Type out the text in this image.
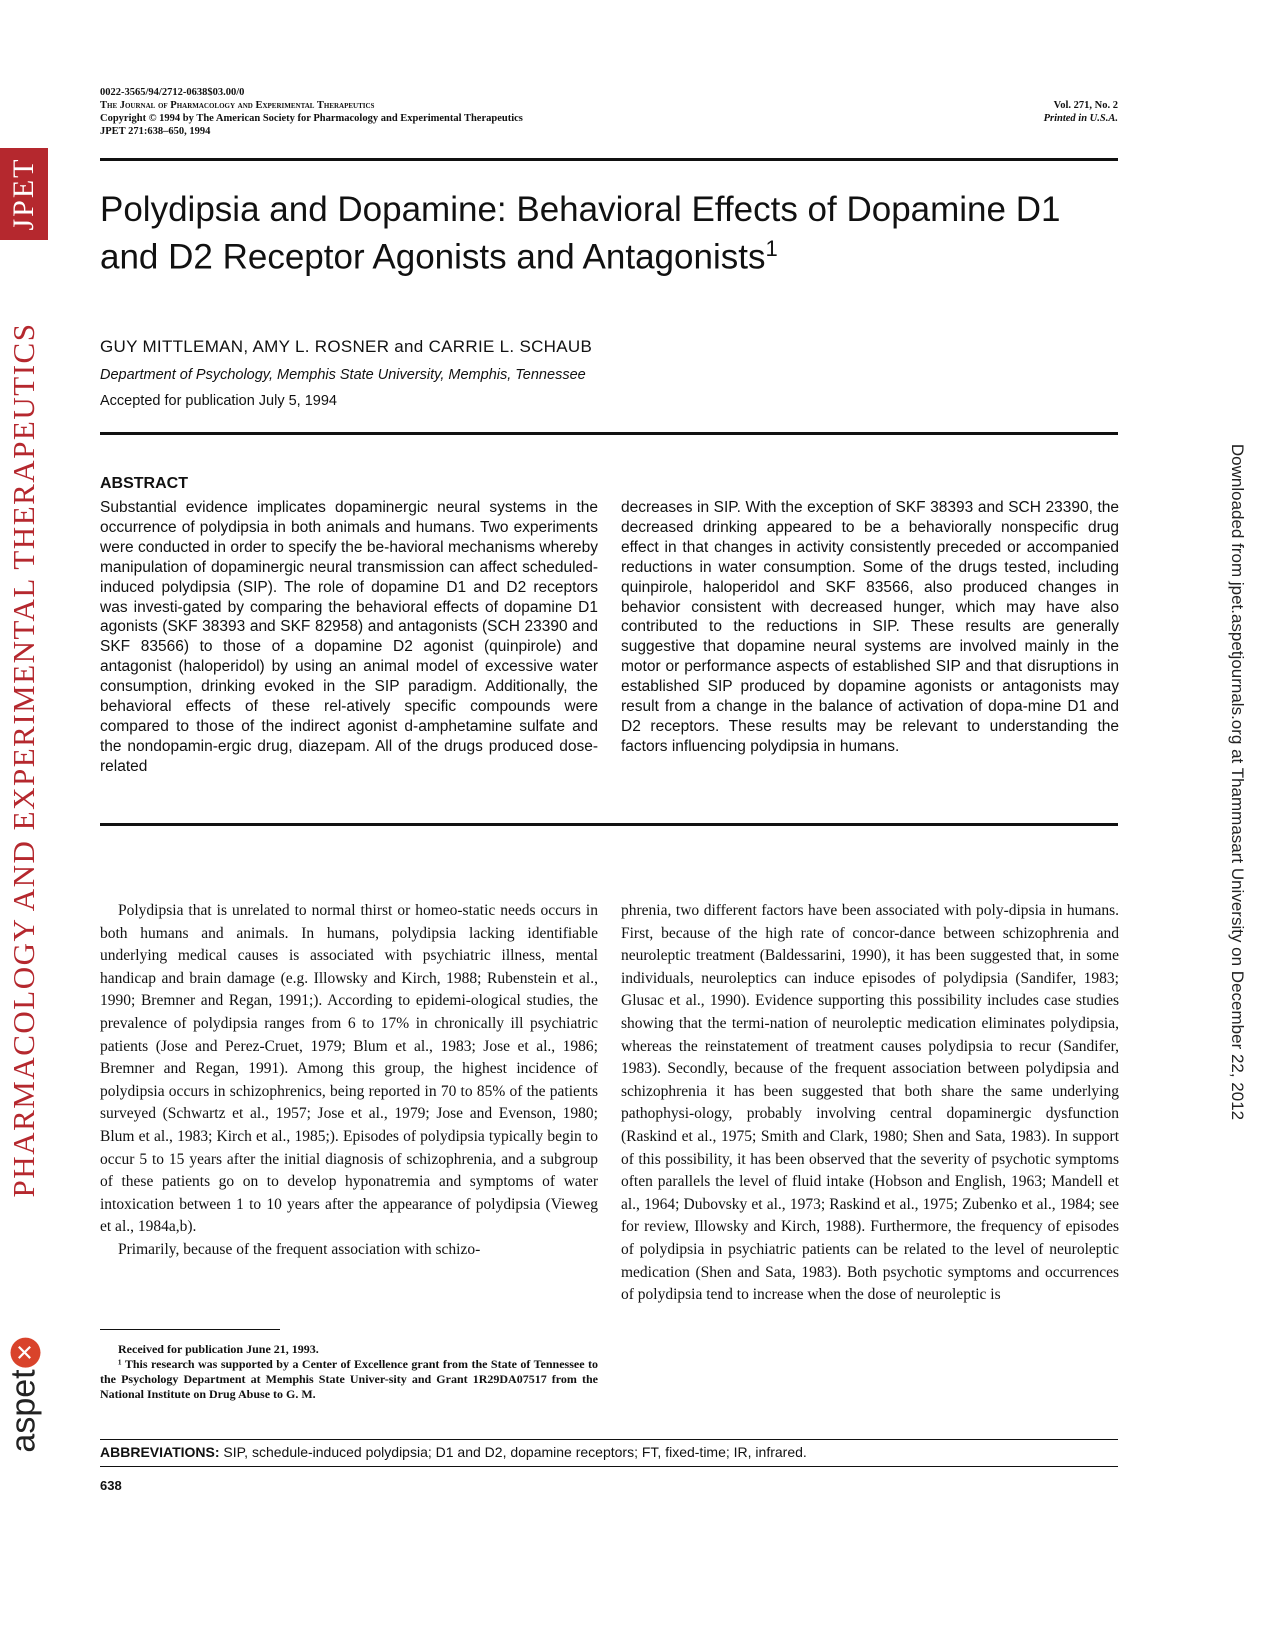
JPET
PHARMACOLOGY AND EXPERIMENTAL THERAPEUTICS
aspet✕
Downloaded from jpet.aspetjournals.org at Thammasart University on December 22, 2012
0022-3565/94/2712-0638$03.00/0
The Journal of Pharmacology and Experimental Therapeutics
Copyright © 1994 by The American Society for Pharmacology and Experimental Therapeutics
JPET 271:638–650, 1994
Vol. 271, No. 2
Printed in U.S.A.
Polydipsia and Dopamine: Behavioral Effects of Dopamine D1 and D2 Receptor Agonists and Antagonists$^1$
GUY MITTLEMAN, AMY L. ROSNER and CARRIE L. SCHAUB
Department of Psychology, Memphis State University, Memphis, Tennessee
Accepted for publication July 5, 1994
ABSTRACT
Substantial evidence implicates dopaminergic neural systems in the occurrence of polydipsia in both animals and humans. Two experiments were conducted in order to specify the be-havioral mechanisms whereby manipulation of dopaminergic neural transmission can affect scheduled-induced polydipsia (SIP). The role of dopamine D1 and D2 receptors was investi-gated by comparing the behavioral effects of dopamine D1 agonists (SKF 38393 and SKF 82958) and antagonists (SCH 23390 and SKF 83566) to those of a dopamine D2 agonist (quinpirole) and antagonist (haloperidol) by using an animal model of excessive water consumption, drinking evoked in the SIP paradigm. Additionally, the behavioral effects of these rel-atively specific compounds were compared to those of the indirect agonist d-amphetamine sulfate and the nondopamin-ergic drug, diazepam. All of the drugs produced dose-related
decreases in SIP. With the exception of SKF 38393 and SCH 23390, the decreased drinking appeared to be a behaviorally nonspecific drug effect in that changes in activity consistently preceded or accompanied reductions in water consumption. Some of the drugs tested, including quinpirole, haloperidol and SKF 83566, also produced changes in behavior consistent with decreased hunger, which may have also contributed to the reductions in SIP. These results are generally suggestive that dopamine neural systems are involved mainly in the motor or performance aspects of established SIP and that disruptions in established SIP produced by dopamine agonists or antagonists may result from a change in the balance of activation of dopa-mine D1 and D2 receptors. These results may be relevant to understanding the factors influencing polydipsia in humans.

Polydipsia that is unrelated to normal thirst or homeo-static needs occurs in both humans and animals. In humans, polydipsia lacking identifiable underlying medical causes is associated with psychiatric illness, mental handicap and brain damage (e.g. Illowsky and Kirch, 1988; Rubenstein et al., 1990; Bremner and Regan, 1991;). According to epidemi-ological studies, the prevalence of polydipsia ranges from 6 to 17% in chronically ill psychiatric patients (Jose and Perez-Cruet, 1979; Blum et al., 1983; Jose et al., 1986; Bremner and Regan, 1991). Among this group, the highest incidence of polydipsia occurs in schizophrenics, being reported in 70 to 85% of the patients surveyed (Schwartz et al., 1957; Jose et al., 1979; Jose and Evenson, 1980; Blum et al., 1983; Kirch et al., 1985;). Episodes of polydipsia typically begin to occur 5 to 15 years after the initial diagnosis of schizophrenia, and a subgroup of these patients go on to develop hyponatremia and symptoms of water intoxication between 1 to 10 years after the appearance of polydipsia (Vieweg et al., 1984a,b).

Primarily, because of the frequent association with schizo-

phrenia, two different factors have been associated with poly-dipsia in humans. First, because of the high rate of concor-dance between schizophrenia and neuroleptic treatment (Baldessarini, 1990), it has been suggested that, in some individuals, neuroleptics can induce episodes of polydipsia (Sandifer, 1983; Glusac et al., 1990). Evidence supporting this possibility includes case studies showing that the termi-nation of neuroleptic medication eliminates polydipsia, whereas the reinstatement of treatment causes polydipsia to recur (Sandifer, 1983). Secondly, because of the frequent association between polydipsia and schizophrenia it has been suggested that both share the same underlying pathophysi-ology, probably involving central dopaminergic dysfunction (Raskind et al., 1975; Smith and Clark, 1980; Shen and Sata, 1983). In support of this possibility, it has been observed that the severity of psychotic symptoms often parallels the level of fluid intake (Hobson and English, 1963; Mandell et al., 1964; Dubovsky et al., 1973; Raskind et al., 1975; Zubenko et al., 1984; see for review, Illowsky and Kirch, 1988). Furthermore, the frequency of episodes of polydipsia in psychiatric patients can be related to the level of neuroleptic medication (Shen and Sata, 1983). Both psychotic symptoms and occurrences of polydipsia tend to increase when the dose of neuroleptic is

Received for publication June 21, 1993.

¹ This research was supported by a Center of Excellence grant from the State of Tennessee to the Psychology Department at Memphis State Univer-sity and Grant 1R29DA07517 from the National Institute on Drug Abuse to G. M.

ABBREVIATIONS: SIP, schedule-induced polydipsia; D1 and D2, dopamine receptors; FT, fixed-time; IR, infrared.
638
